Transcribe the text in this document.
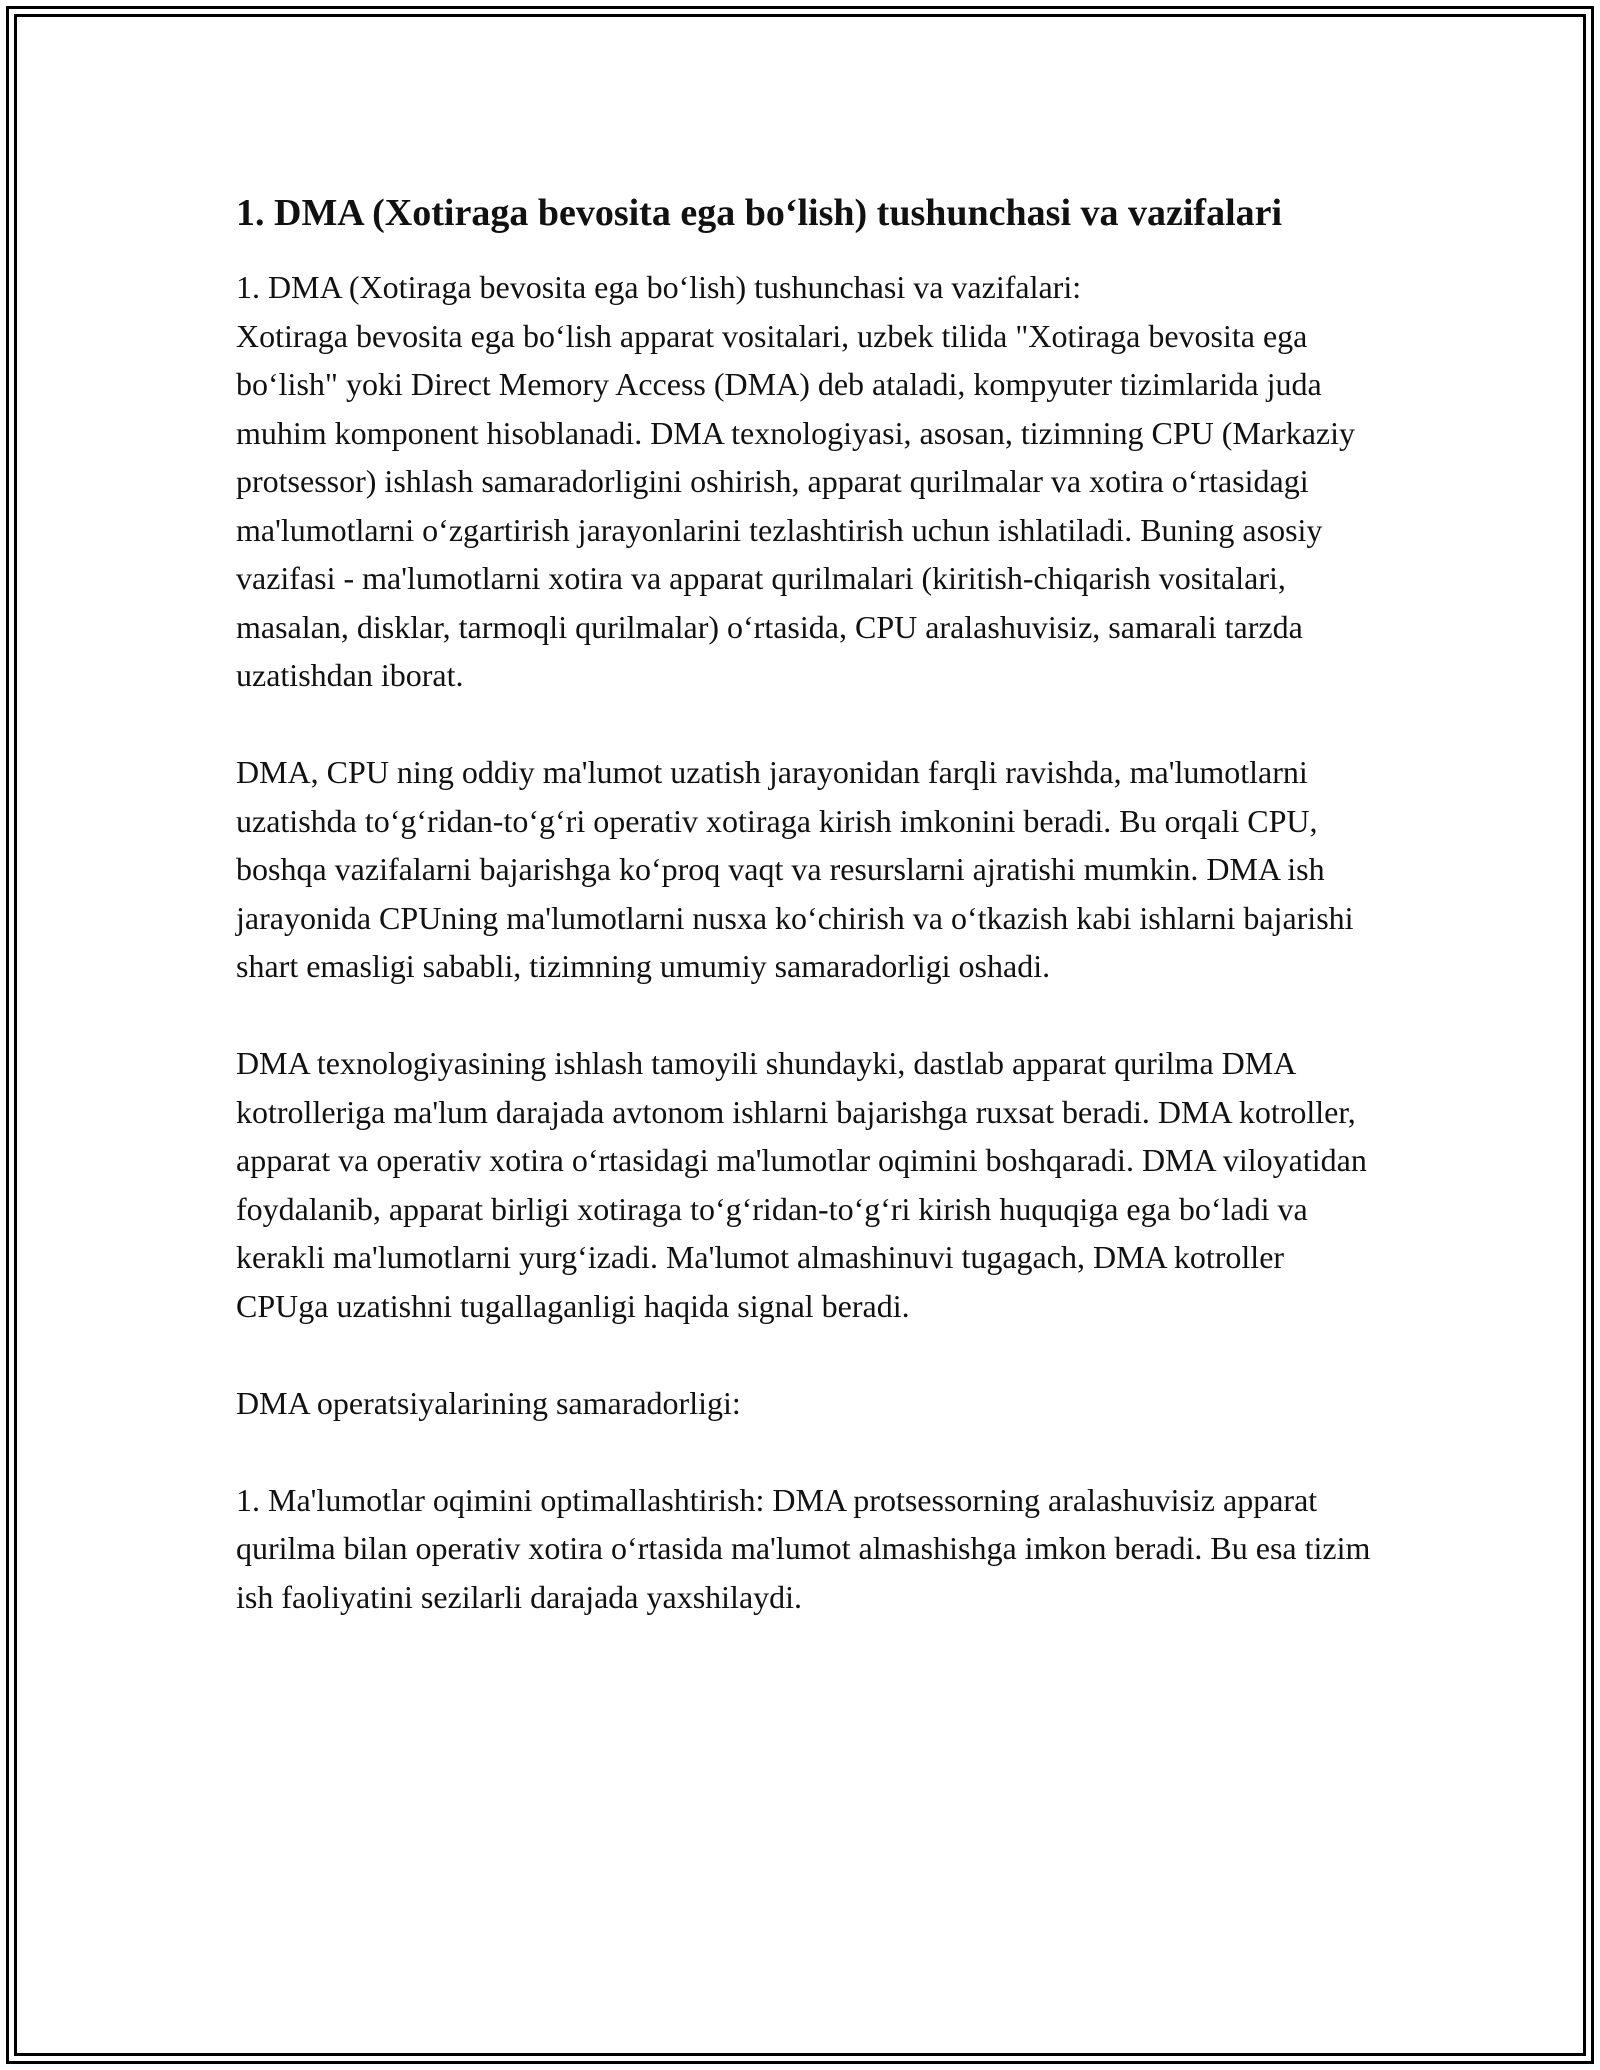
1. DMA (Xotiraga bevosita ega bo‘lish) tushunchasi va vazifalari

1. DMA (Xotiraga bevosita ega bo‘lish) tushunchasi va vazifalari:
Xotiraga bevosita ega bo‘lish apparat vositalari, uzbek tilida "Xotiraga bevosita ega bo‘lish" yoki Direct Memory Access (DMA) deb ataladi, kompyuter tizimlarida juda muhim komponent hisoblanadi. DMA texnologiyasi, asosan, tizimning CPU (Markaziy protsessor) ishlash samaradorligini oshirish, apparat qurilmalar va xotira o‘rtasidagi ma'lumotlarni o‘zgartirish jarayonlarini tezlashtirish uchun ishlatiladi. Buning asosiy vazifasi - ma'lumotlarni xotira va apparat qurilmalari (kiritish-chiqarish vositalari, masalan, disklar, tarmoqli qurilmalar) o‘rtasida, CPU aralashuvisiz, samarali tarzda uzatishdan iborat.

DMA, CPU ning oddiy ma'lumot uzatish jarayonidan farqli ravishda, ma'lumotlarni uzatishda to‘g‘ridan-to‘g‘ri operativ xotiraga kirish imkonini beradi. Bu orqali CPU, boshqa vazifalarni bajarishga ko‘proq vaqt va resurslarni ajratishi mumkin. DMA ish jarayonida CPUning ma'lumotlarni nusxa ko‘chirish va o‘tkazish kabi ishlarni bajarishi shart emasligi sababli, tizimning umumiy samaradorligi oshadi.

DMA texnologiyasining ishlash tamoyili shundayki, dastlab apparat qurilma DMA kotrolleriga ma'lum darajada avtonom ishlarni bajarishga ruxsat beradi. DMA kotroller, apparat va operativ xotira o‘rtasidagi ma'lumotlar oqimini boshqaradi. DMA viloyatidan foydalanib, apparat birligi xotiraga to‘g‘ridan-to‘g‘ri kirish huquqiga ega bo‘ladi va kerakli ma'lumotlarni yurg‘izadi. Ma'lumot almashinuvi tugagach, DMA kotroller CPUga uzatishni tugallaganligi haqida signal beradi.

DMA operatsiyalarining samaradorligi:

1. Ma'lumotlar oqimini optimallashtirish: DMA protsessorning aralashuvisiz apparat qurilma bilan operativ xotira o‘rtasida ma'lumot almashishga imkon beradi. Bu esa tizim ish faoliyatini sezilarli darajada yaxshilaydi.
